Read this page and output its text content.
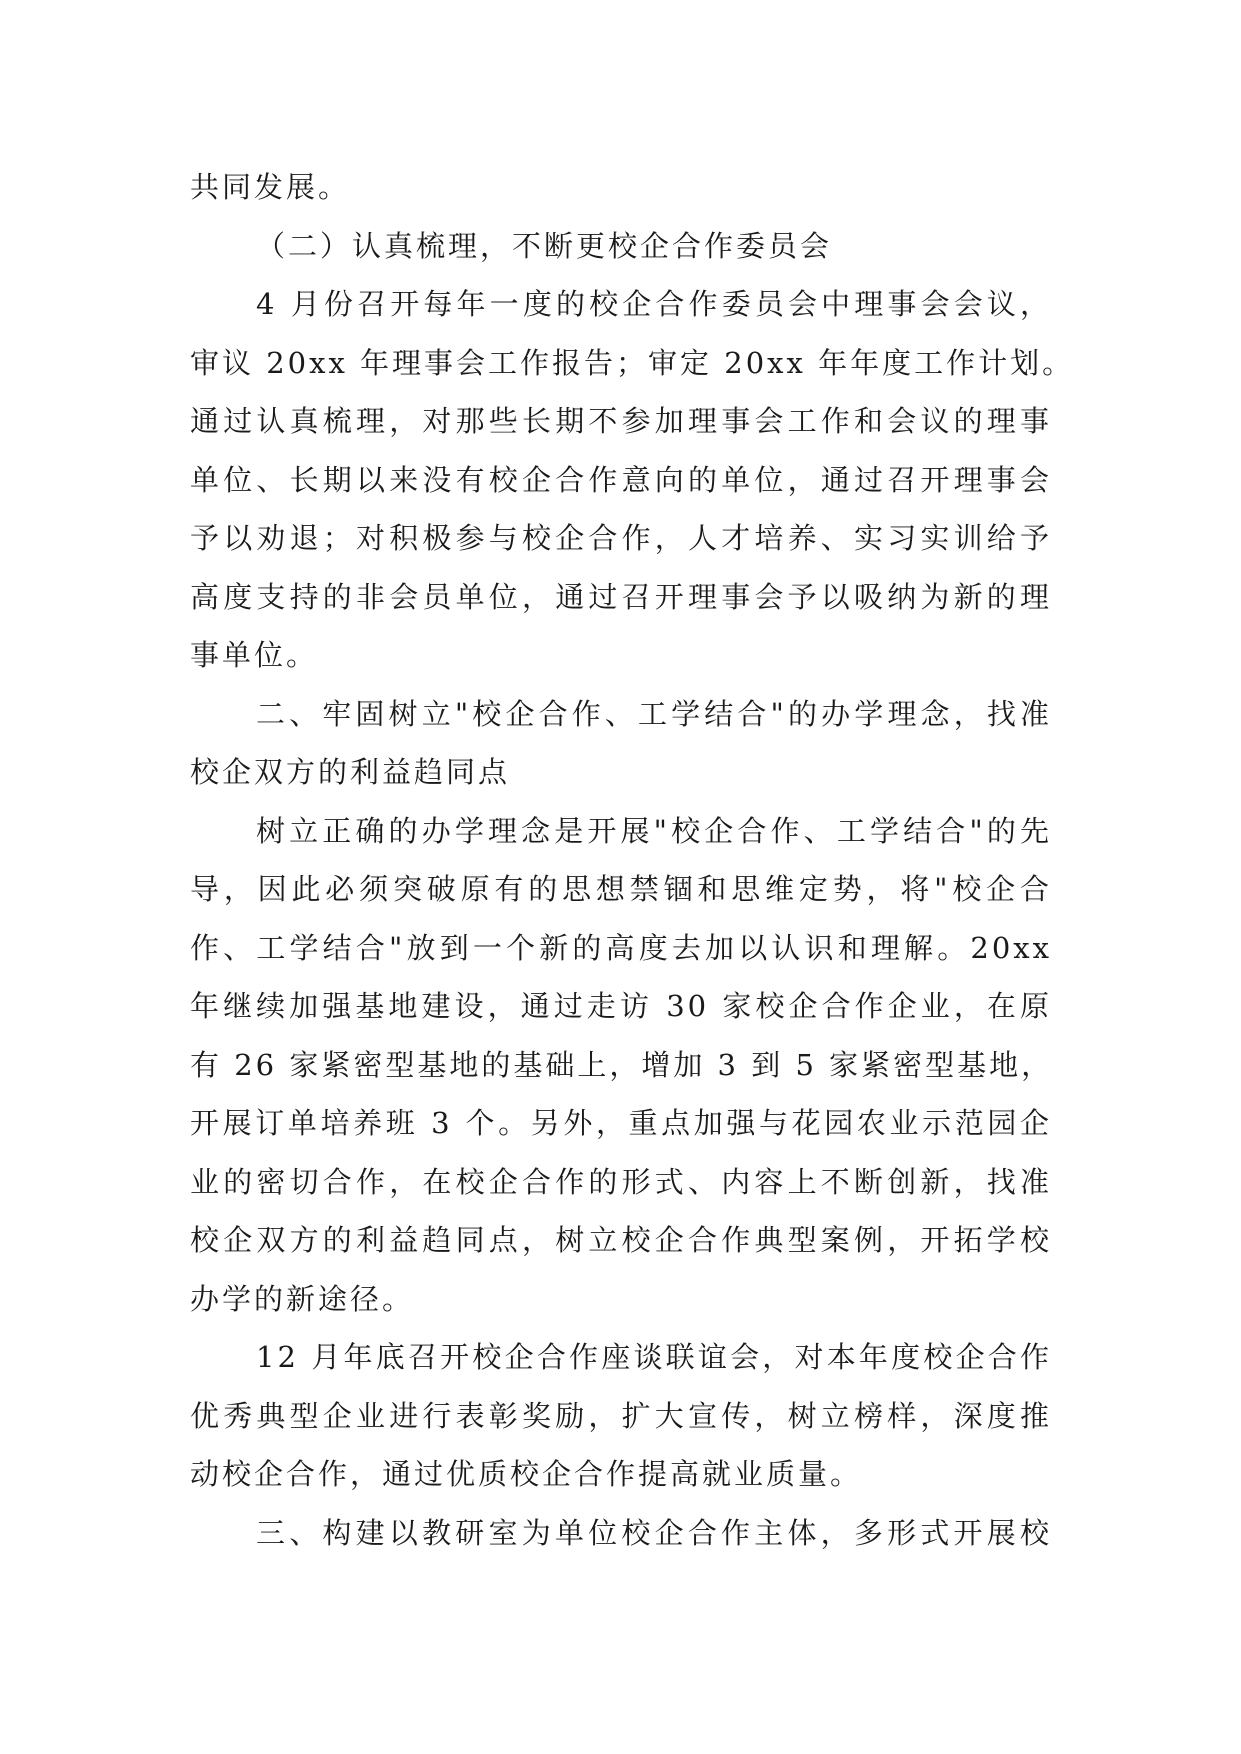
共同发展。
（二）认真梳理，不断更校企合作委员会
4 月份召开每年一度的校企合作委员会中理事会会议，
审议 20xx 年理事会工作报告；审定 20xx 年年度工作计划。
通过认真梳理，对那些长期不参加理事会工作和会议的理事
单位、长期以来没有校企合作意向的单位，通过召开理事会
予以劝退；对积极参与校企合作，人才培养、实习实训给予
高度支持的非会员单位，通过召开理事会予以吸纳为新的理
事单位。
二、牢固树立"校企合作、工学结合"的办学理念，找准
校企双方的利益趋同点
树立正确的办学理念是开展"校企合作、工学结合"的先
导，因此必须突破原有的思想禁锢和思维定势，将"校企合
作、工学结合"放到一个新的高度去加以认识和理解。20xx
年继续加强基地建设，通过走访 30 家校企合作企业，在原
有 26 家紧密型基地的基础上，增加 3 到 5 家紧密型基地，
开展订单培养班 3 个。另外，重点加强与花园农业示范园企
业的密切合作，在校企合作的形式、内容上不断创新，找准
校企双方的利益趋同点，树立校企合作典型案例，开拓学校
办学的新途径。
12 月年底召开校企合作座谈联谊会，对本年度校企合作
优秀典型企业进行表彰奖励，扩大宣传，树立榜样，深度推
动校企合作，通过优质校企合作提高就业质量。
三、构建以教研室为单位校企合作主体，多形式开展校
